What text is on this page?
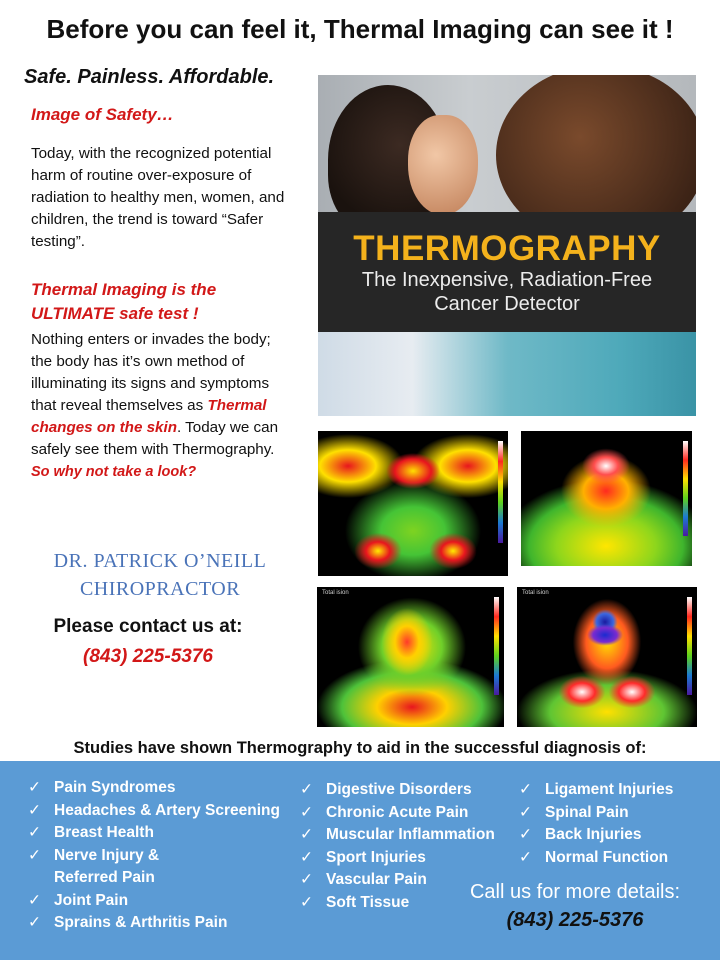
Before you can feel it, Thermal Imaging can see it !
Safe. Painless. Affordable.
Image of Safety…
Today, with the recognized potential harm of routine over-exposure of radiation to healthy men, women, and children, the trend is toward “Safer testing”.
Thermal Imaging is the ULTIMATE safe test !
Nothing enters or invades the body; the body has it’s own method of illuminating its signs and symptoms that reveal themselves as Thermal changes on the skin. Today we can safely see them with Thermography.
So why not take a look?
DR. PATRICK O’NEILL
CHIROPRACTOR
Please contact us at:
(843) 225-5376
THERMOGRAPHY
The Inexpensive, Radiation-Free
Cancer Detector
Total ision	Total ision
Studies have shown Thermography to aid in the successful diagnosis of:
✓ Pain Syndromes
✓ Headaches & Artery Screening
✓ Breast Health
✓ Nerve Injury &
Referred Pain
✓ Joint Pain
✓ Sprains & Arthritis Pain
✓ Digestive Disorders
✓ Chronic Acute Pain
✓ Muscular Inflammation
✓ Sport Injuries
✓ Vascular Pain
✓ Soft Tissue
✓ Ligament Injuries
✓ Spinal Pain
✓ Back Injuries
✓ Normal Function
Call us for more details:
(843) 225-5376
